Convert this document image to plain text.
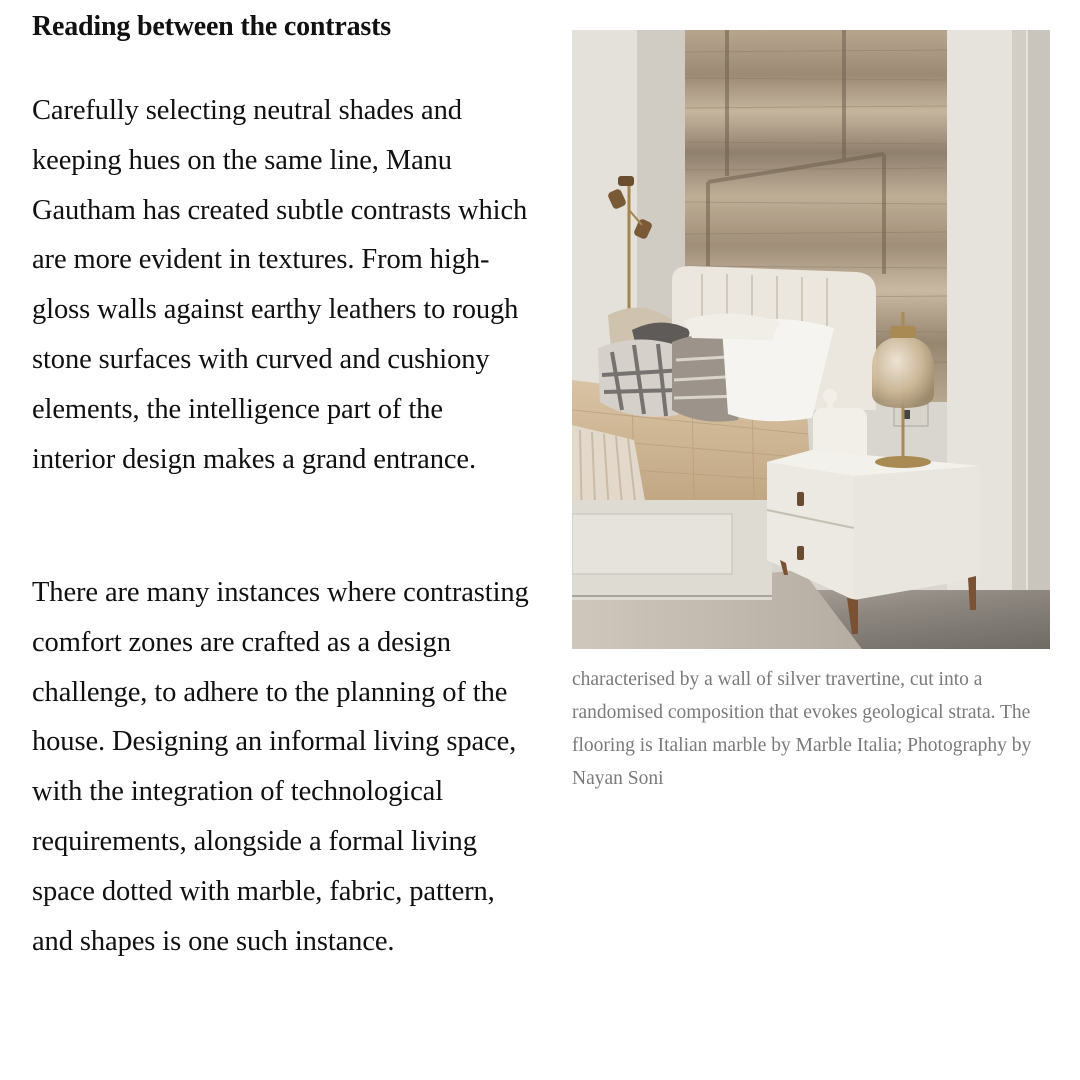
Reading between the contrasts

Carefully selecting neutral shades and keeping hues on the same line, Manu Gautham has created subtle contrasts which are more evident in textures. From high-gloss walls against earthy leathers to rough stone surfaces with curved and cushiony elements, the intelligence part of the interior design makes a grand entrance.

There are many instances where contrasting comfort zones are crafted as a design challenge, to adhere to the planning of the house. Designing an informal living space, with the integration of technological requirements, alongside a formal living space dotted with marble, fabric, pattern, and shapes is one such instance.

characterised by a wall of silver travertine, cut into a randomised composition that evokes geological strata. The flooring is Italian marble by Marble Italia; Photography by Nayan Soni
